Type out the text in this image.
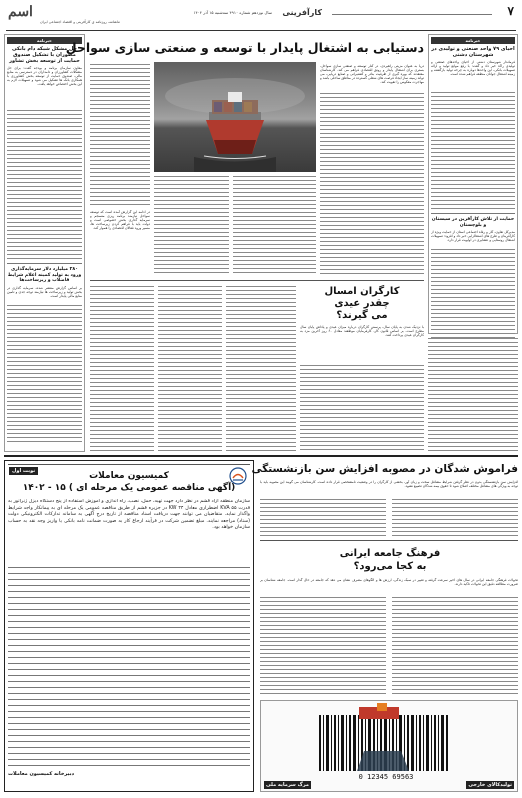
۷
کارآفرینی
سال نوزدهم شماره ۴۹۱۰ سه‌شنبه ۱۵ آذر ۱۴۰۴
ماهنامه، روزنامه ی کارآفرینی و اقتصاد اجتماعی ایران
اسم
خبرنامه
حل مشکل شبکه دام بانکی مطوران با تشکیل صندوق حمایت از توسعه بخش تشاور
معاون سازمان برنامه و بودجه گفت: برای حل مشکلات کشاورزان و دامداران در دسترسی به منابع مالی، صندوق حمایت از توسعه بخش کشاورزی با همکاری بانک ها تشکیل می شود و تسهیلات لازم به این بخش اختصاص خواهد یافت.
۲۸۰ میلیارد دلار سرمایه‌گذاری ورود به تولید کمینه اعلام شرایط فاضلاب و زیرساخت‌ها
بر اساس گزارش منتشر شده، سرمایه گذاری در بخش تولید و زیرساخت ها نیازمند توجه جدی و تامین منابع مالی پایدار است.
خبرنامه
احیای ۷۹ واحد صنعتی و تولیدی در شهرستان دشتی
فرماندار شهرستان دشتی از احیای واحدهای صنعتی و تولیدی راکد خبر داد و گفت: با رفع موانع تولید و ارائه تسهیلات بانکی، این واحدها دوباره به چرخه تولید بازگشته و زمینه اشتغال جوانان منطقه فراهم شده است.
حمایت از تلاش کارآفرین در سیستان و بلوچستان
مدیرکل تعاون، کار و رفاه اجتماعی استان از حمایت ویژه از کارآفرینان و طرح های اشتغالزایی خبر داد و افزود: تسهیلات اشتغال روستایی و عشایری در اولویت قرار دارد.
دستیابی به اشتغال پایدار با توسعه و صنعتی سازی سواحل
دریا به عنوان مزیتی راهبردی، در کنار توسعه و صنعتی سازی سواحل، بستری برای اشتغال پایدار و رونق اقتصادی فراهم می کند. کارشناسان معتقدند که بهره گیری از ظرفیت بنادر و کشتیرانی و صنایع دریایی، می تواند زمینه ساز ایجاد فرصت های شغلی گسترده در مناطق ساحلی باشد و مهاجرت معکوس را تقویت کند.
در ادامه این گزارش آمده است که توسعه سواحل نیازمند برنامه ریزی منسجم و سرمایه گذاری بخش خصوصی است و دولت باید با فراهم کردن زیرساخت ها، مسیر ورود فعالان اقتصادی را هموار کند.
کارگران امسال
چقدر عیدی
می گیرند؟
با نزدیک شدن به پایان سال، پرسش کارگران درباره میزان عیدی و پاداش پایان سال مطرح است. بر اساس قانون کار، کارفرمایان موظفند معادل ۶۰ روز آخرین مزد به کارگران عیدی پرداخت کنند.
نوبت اول	کمیسیون معاملات
(آگهی مناقصه عمومی یک مرحله ای ) ۱۵ - ۱۴۰۲
سازمان منطقه آزاد قشم در نظر دارد جهت تهیه، حمل، نصب، راه اندازی و آموزش استفاده از پنج دستگاه دیزل ژنراتور به قدرت ۵۵ KVA اضطراری معادل ۴۴ KW در جزیره قشم از طریق مناقصه عمومی یک مرحله ای به پیمانکار واجد شرایط واگذار نماید. متقاضیان می توانند جهت دریافت اسناد مناقصه از تاریخ درج آگهی به سامانه تدارکات الکترونیکی دولت (ستاد) مراجعه نمایند. مبلغ تضمین شرکت در فرآیند ارجاع کار به صورت ضمانت نامه بانکی یا واریز وجه نقد به حساب سازمان خواهد بود.
دبیرخانه کمیسیون معاملات
فراموش شدگان در مصوبه افزایش سن بازنشستگی
افزایش سن بازنشستگی بدون در نظر گرفتن شرایط مشاغل سخت و زیان آور، بخشی از کارگران را در وضعیت نامشخصی قرار داده است. کارشناسان می گویند این مصوبه باید با توجه به ویژگی های مشاغل مختلف اصلاح شود تا حقوق بیمه شدگان تضییع نشود.
فرهنگ جامعه ایرانی
به کجا می‌رود؟
تحولات فرهنگی جامعه ایرانی در سال های اخیر سرعت گرفته و تغییر در سبک زندگی، ارزش ها و الگوهای مصرف نشان می دهد که جامعه در حال گذار است. جامعه شناسان بر ضرورت مطالعه دقیق این تحولات تاکید دارند.
0 12345 69563
تولیدکالای خارجی
مرگ سرمایه ملی
